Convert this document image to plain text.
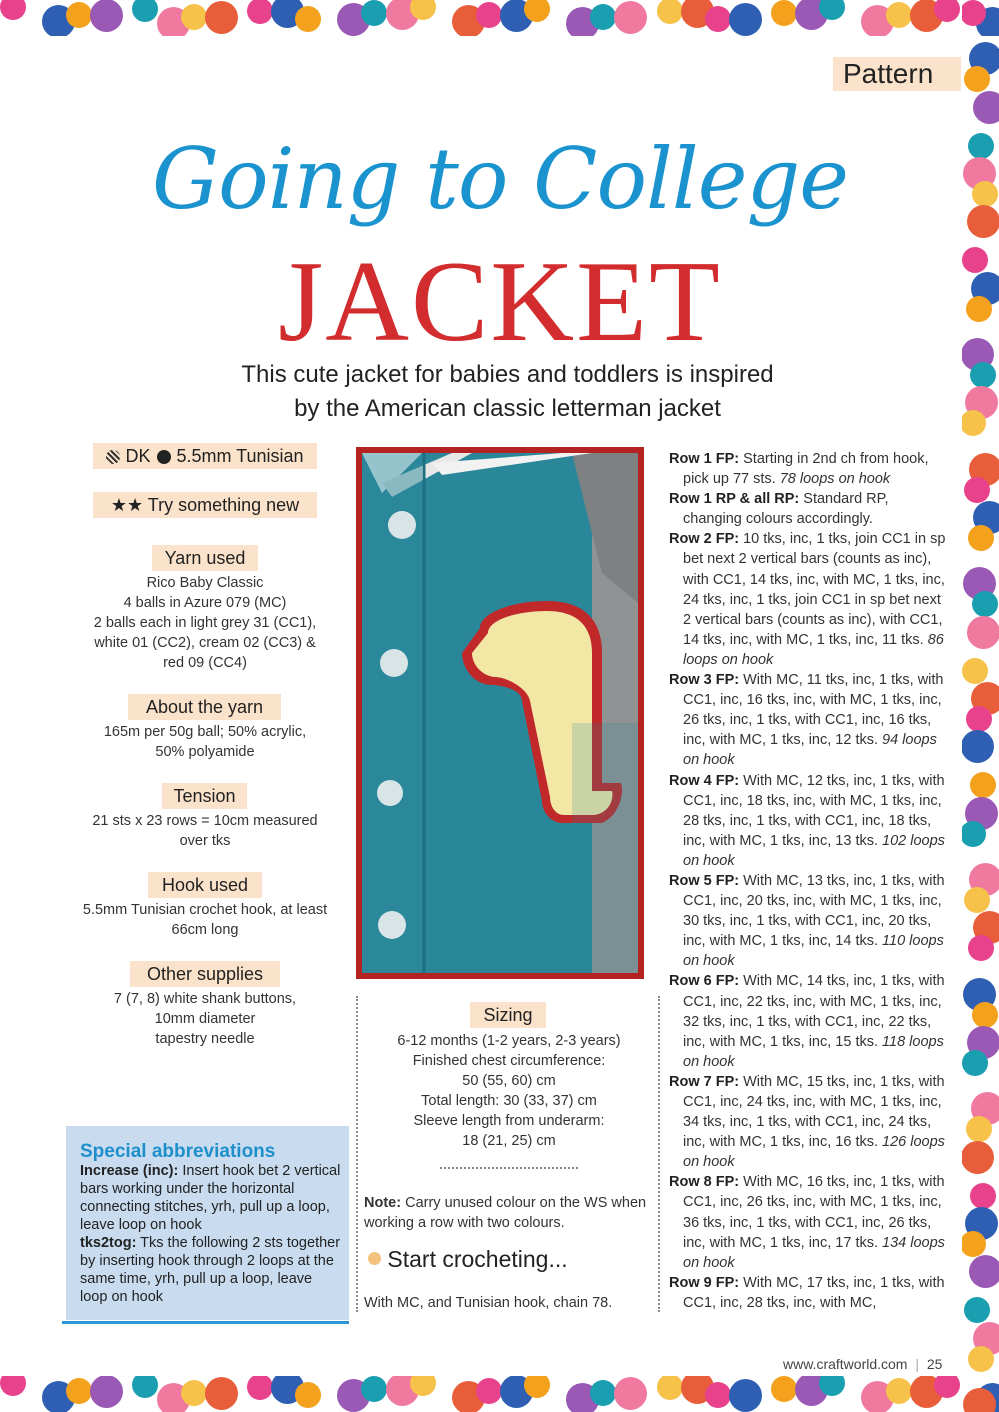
Pattern
Going to College
JACKET
This cute jacket for babies and toddlers is inspired
by the American classic letterman jacket
DK 5.5mm Tunisian
★★ Try something new
Yarn used
Rico Baby Classic
4 balls in Azure 079 (MC)
2 balls each in light grey 31 (CC1),
white 01 (CC2), cream 02 (CC3) &
red 09 (CC4)
About the yarn
165m per 50g ball; 50% acrylic,
50% polyamide
Tension
21 sts x 23 rows = 10cm measured
over tks
Hook used
5.5mm Tunisian crochet hook, at least
66cm long
Other supplies
7 (7, 8) white shank buttons,
10mm diameter
tapestry needle
Special abbreviations
Increase (inc): Insert hook bet 2 vertical bars working under the horizontal connecting stitches, yrh, pull up a loop, leave loop on hook
tks2tog: Tks the following 2 sts together by inserting hook through 2 loops at the same time, yrh, pull up a loop, leave loop on hook
Sizing
6-12 months (1-2 years, 2-3 years)
Finished chest circumference:
50 (55, 60) cm
Total length: 30 (33, 37) cm
Sleeve length from underarm:
18 (21, 25) cm
Note: Carry unused colour on the WS when working a row with two colours.
Start crocheting...
With MC, and Tunisian hook, chain 78.

Row 1 FP: Starting in 2nd ch from hook, pick up 77 sts. 78 loops on hook

Row 1 RP & all RP: Standard RP, changing colours accordingly.

Row 2 FP: 10 tks, inc, 1 tks, join CC1 in sp bet next 2 vertical bars (counts as inc), with CC1, 14 tks, inc, with MC, 1 tks, inc, 24 tks, inc, 1 tks, join CC1 in sp bet next 2 vertical bars (counts as inc), with CC1, 14 tks, inc, with MC, 1 tks, inc, 11 tks. 86 loops on hook

Row 3 FP: With MC, 11 tks, inc, 1 tks, with CC1, inc, 16 tks, inc, with MC, 1 tks, inc, 26 tks, inc, 1 tks, with CC1, inc, 16 tks, inc, with MC, 1 tks, inc, 12 tks. 94 loops on hook

Row 4 FP: With MC, 12 tks, inc, 1 tks, with CC1, inc, 18 tks, inc, with MC, 1 tks, inc, 28 tks, inc, 1 tks, with CC1, inc, 18 tks, inc, with MC, 1 tks, inc, 13 tks. 102 loops on hook

Row 5 FP: With MC, 13 tks, inc, 1 tks, with CC1, inc, 20 tks, inc, with MC, 1 tks, inc, 30 tks, inc, 1 tks, with CC1, inc, 20 tks, inc, with MC, 1 tks, inc, 14 tks. 110 loops on hook

Row 6 FP: With MC, 14 tks, inc, 1 tks, with CC1, inc, 22 tks, inc, with MC, 1 tks, inc, 32 tks, inc, 1 tks, with CC1, inc, 22 tks, inc, with MC, 1 tks, inc, 15 tks. 118 loops on hook

Row 7 FP: With MC, 15 tks, inc, 1 tks, with CC1, inc, 24 tks, inc, with MC, 1 tks, inc, 34 tks, inc, 1 tks, with CC1, inc, 24 tks, inc, with MC, 1 tks, inc, 16 tks. 126 loops on hook

Row 8 FP: With MC, 16 tks, inc, 1 tks, with CC1, inc, 26 tks, inc, with MC, 1 tks, inc, 36 tks, inc, 1 tks, with CC1, inc, 26 tks, inc, with MC, 1 tks, inc, 17 tks. 134 loops on hook

Row 9 FP: With MC, 17 tks, inc, 1 tks, with CC1, inc, 28 tks, inc, with MC,

www.craftworld.com | 25
